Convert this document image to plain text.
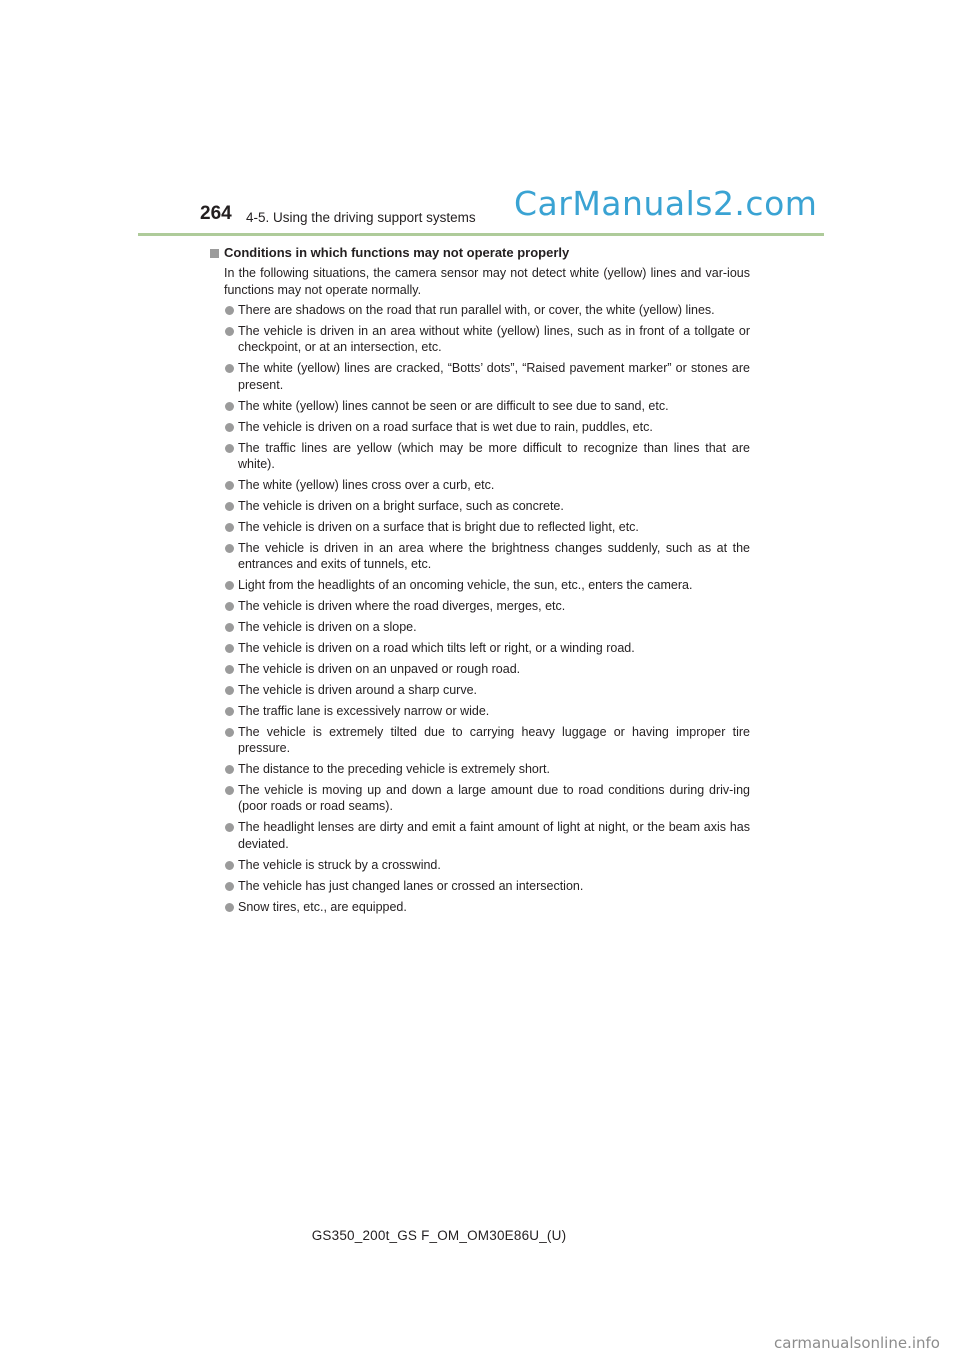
264 4-5. Using the driving support systems CarManuals2.com

Conditions in which functions may not operate properly

In the following situations, the camera sensor may not detect white (yellow) lines and var-ious functions may not operate normally.

There are shadows on the road that run parallel with, or cover, the white (yellow) lines.
The vehicle is driven in an area without white (yellow) lines, such as in front of a tollgate or checkpoint, or at an intersection, etc.
The white (yellow) lines are cracked, “Botts’ dots”, “Raised pavement marker” or stones are present.
The white (yellow) lines cannot be seen or are difficult to see due to sand, etc.
The vehicle is driven on a road surface that is wet due to rain, puddles, etc.
The traffic lines are yellow (which may be more difficult to recognize than lines that are white).
The white (yellow) lines cross over a curb, etc.
The vehicle is driven on a bright surface, such as concrete.
The vehicle is driven on a surface that is bright due to reflected light, etc.
The vehicle is driven in an area where the brightness changes suddenly, such as at the entrances and exits of tunnels, etc.
Light from the headlights of an oncoming vehicle, the sun, etc., enters the camera.
The vehicle is driven where the road diverges, merges, etc.
The vehicle is driven on a slope.
The vehicle is driven on a road which tilts left or right, or a winding road.
The vehicle is driven on an unpaved or rough road.
The vehicle is driven around a sharp curve.
The traffic lane is excessively narrow or wide.
The vehicle is extremely tilted due to carrying heavy luggage or having improper tire pressure.
The distance to the preceding vehicle is extremely short.
The vehicle is moving up and down a large amount due to road conditions during driv-ing (poor roads or road seams).
The headlight lenses are dirty and emit a faint amount of light at night, or the beam axis has deviated.
The vehicle is struck by a crosswind.
The vehicle has just changed lanes or crossed an intersection.
Snow tires, etc., are equipped.
GS350_200t_GS F_OM_OM30E86U_(U)
carmanualsonline.info
